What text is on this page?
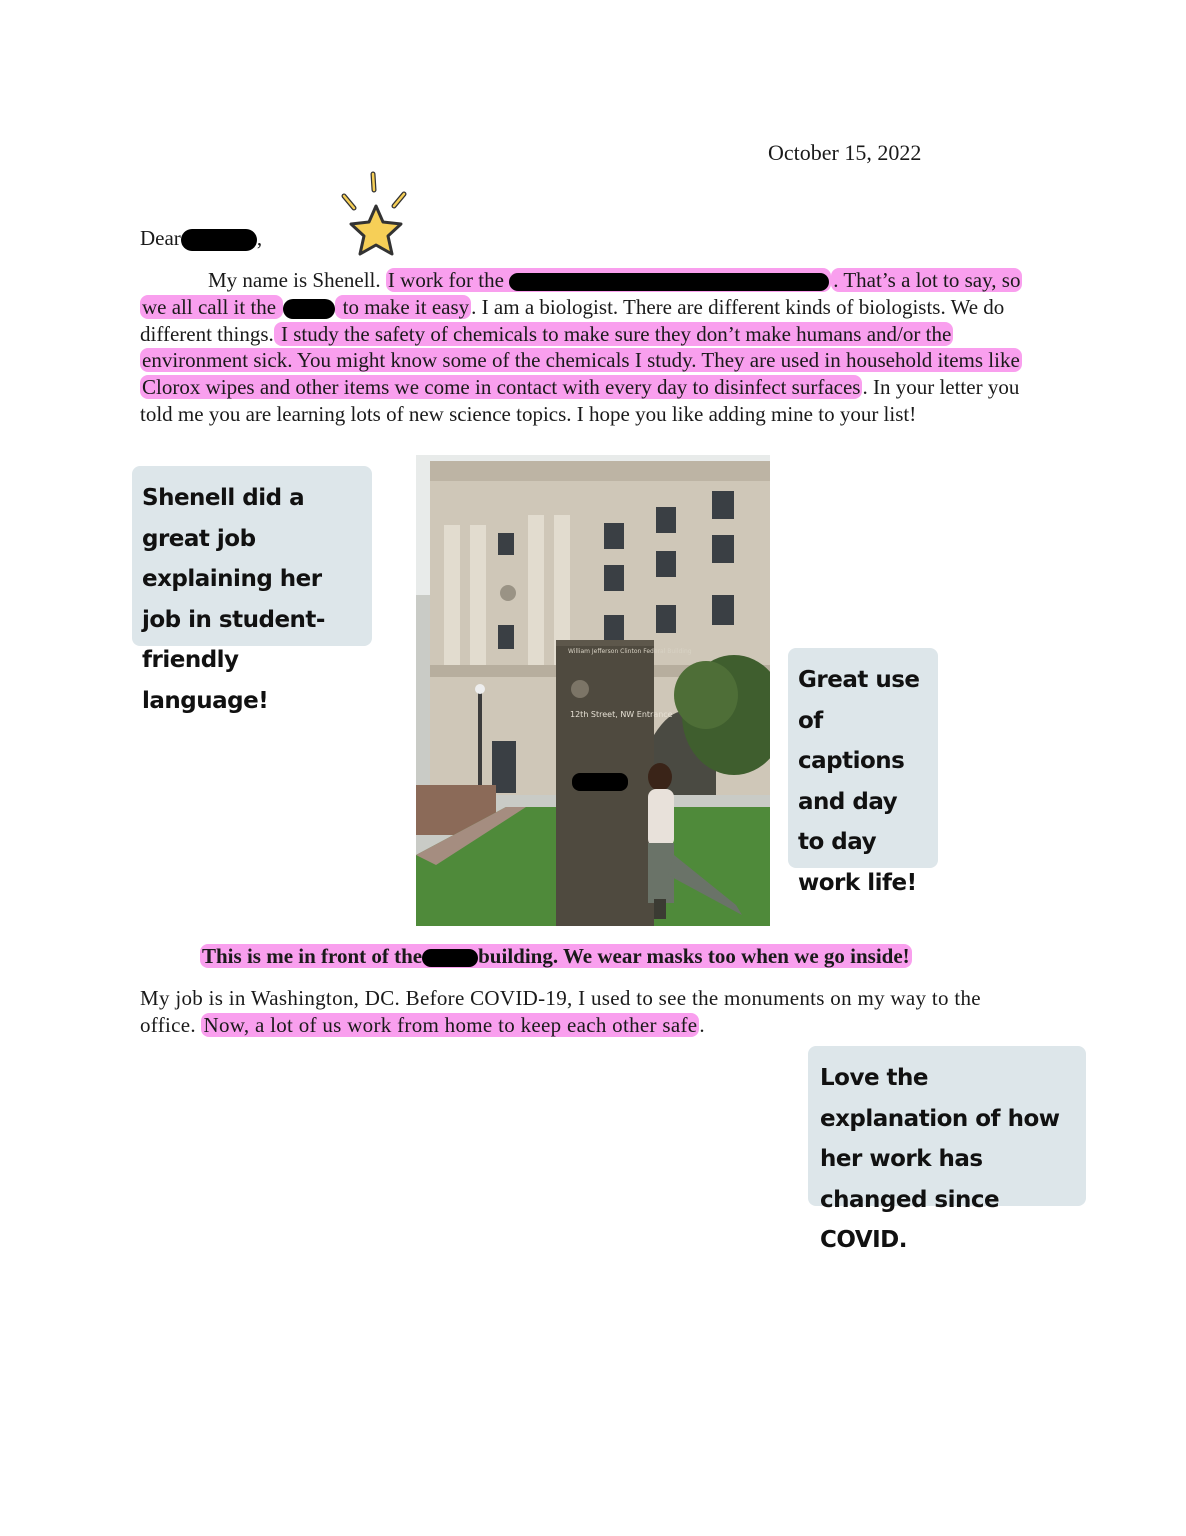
October 15, 2022
Dear	,
My name is Shenell. I work for the	. That’s a lot to say, so we all call it the	to make it easy. I am a biologist. There are different kinds of biologists. We do different things. I study the safety of chemicals to make sure they don’t make humans and/or the environment sick. You might know some of the chemicals I study. They are used in household items like Clorox wipes and other items we come in contact with every day to disinfect surfaces. In your letter you told me you are learning lots of new science topics. I hope you like adding mine to your list!
Shenell did a great job explaining her job in student-friendly language!
William Jefferson Clinton Federal Building
12th Street, NW Entrance
Great use of captions and day to day work life!
This is me in front of the	building. We wear masks too when we go inside!
My job is in Washington, DC. Before COVID-19, I used to see the monuments on my way to the office. Now, a lot of us work from home to keep each other safe.
Love the explanation of how her work has changed since COVID.
